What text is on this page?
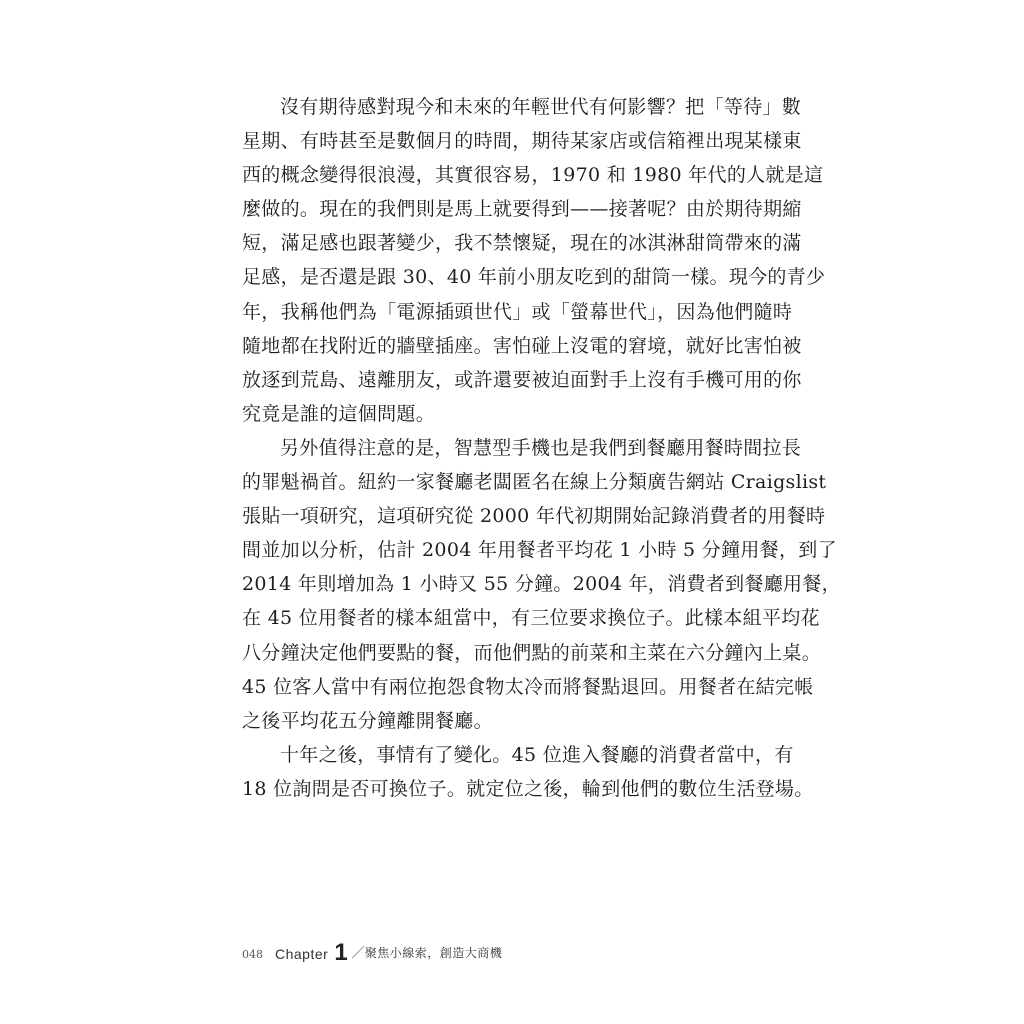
沒有期待感對現今和未來的年輕世代有何影響？把「等待」數
星期、有時甚至是數個月的時間，期待某家店或信箱裡出現某樣東
西的概念變得很浪漫，其實很容易，1970 和 1980 年代的人就是這
麼做的。現在的我們則是馬上就要得到——接著呢？由於期待期縮
短，滿足感也跟著變少，我不禁懷疑，現在的冰淇淋甜筒帶來的滿
足感，是否還是跟 30、40 年前小朋友吃到的甜筒一樣。現今的青少
年，我稱他們為「電源插頭世代」或「螢幕世代」，因為他們隨時
隨地都在找附近的牆壁插座。害怕碰上沒電的窘境，就好比害怕被
放逐到荒島、遠離朋友，或許還要被迫面對手上沒有手機可用的你
究竟是誰的這個問題。
另外值得注意的是，智慧型手機也是我們到餐廳用餐時間拉長
的罪魁禍首。紐約一家餐廳老闆匿名在線上分類廣告網站 Craigslist
張貼一項研究，這項研究從 2000 年代初期開始記錄消費者的用餐時
間並加以分析，估計 2004 年用餐者平均花 1 小時 5 分鐘用餐，到了
2014 年則增加為 1 小時又 55 分鐘。2004 年，消費者到餐廳用餐，
在 45 位用餐者的樣本組當中，有三位要求換位子。此樣本組平均花
八分鐘決定他們要點的餐，而他們點的前菜和主菜在六分鐘內上桌。
45 位客人當中有兩位抱怨食物太冷而將餐點退回。用餐者在結完帳
之後平均花五分鐘離開餐廳。
十年之後，事情有了變化。45 位進入餐廳的消費者當中，有
18 位詢問是否可換位子。就定位之後，輪到他們的數位生活登場。
048 Chapter 1 ／ 聚焦小線索，創造大商機
